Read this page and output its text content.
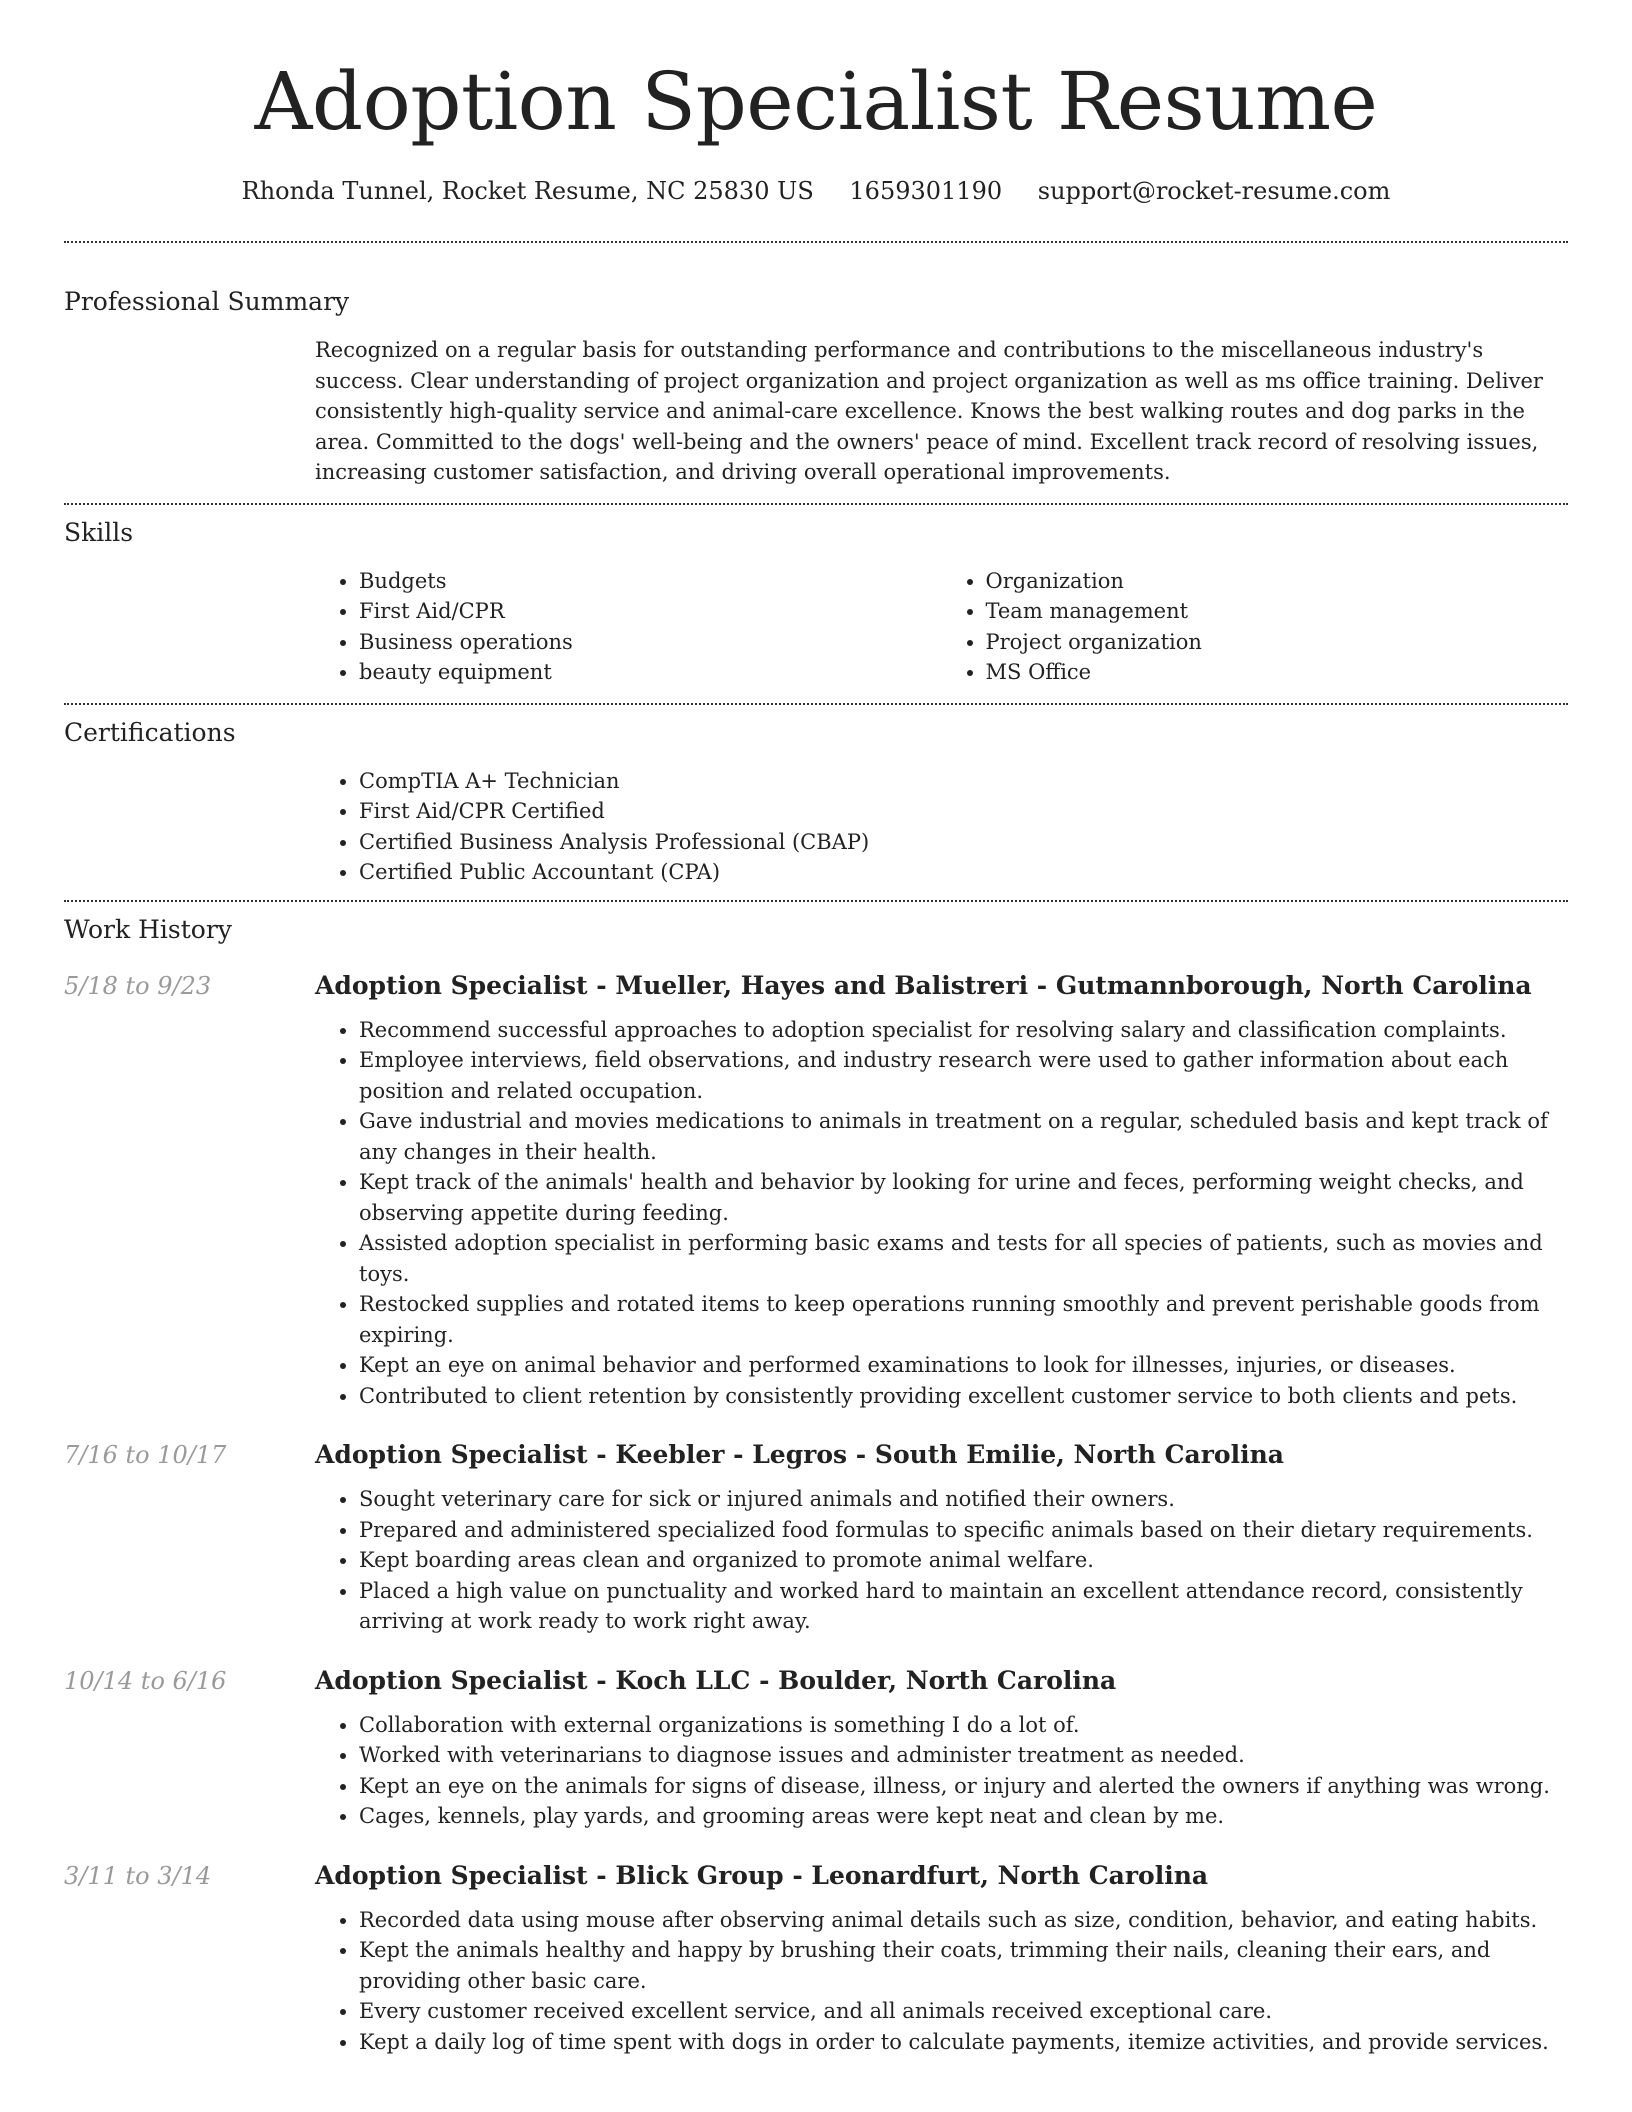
Adoption Specialist Resume
Rhonda Tunnel, Rocket Resume, NC 25830 US 1659301190 support@rocket-resume.com
Professional Summary

Recognized on a regular basis for outstanding performance and contributions to the miscellaneous industry's success. Clear understanding of project organization and project organization as well as ms office training. Deliver consistently high-quality service and animal-care excellence. Knows the best walking routes and dog parks in the area. Committed to the dogs' well-being and the owners' peace of mind. Excellent track record of resolving issues, increasing customer satisfaction, and driving overall operational improvements.

Skills
• Budgets
• First Aid/CPR
• Business operations
• beauty equipment
• Organization
• Team management
• Project organization
• MS Office
Certifications
• CompTIA A+ Technician
• First Aid/CPR Certified
• Certified Business Analysis Professional (CBAP)
• Certified Public Accountant (CPA)
Work History
5/18 to 9/23	Adoption Specialist - Mueller, Hayes and Balistreri - Gutmannborough, North Carolina
• Recommend successful approaches to adoption specialist for resolving salary and classification complaints.
• Employee interviews, field observations, and industry research were used to gather information about each position and related occupation.
• Gave industrial and movies medications to animals in treatment on a regular, scheduled basis and kept track of any changes in their health.
• Kept track of the animals' health and behavior by looking for urine and feces, performing weight checks, and observing appetite during feeding.
• Assisted adoption specialist in performing basic exams and tests for all species of patients, such as movies and toys.
• Restocked supplies and rotated items to keep operations running smoothly and prevent perishable goods from expiring.
• Kept an eye on animal behavior and performed examinations to look for illnesses, injuries, or diseases.
• Contributed to client retention by consistently providing excellent customer service to both clients and pets.
7/16 to 10/17	Adoption Specialist - Keebler - Legros - South Emilie, North Carolina
• Sought veterinary care for sick or injured animals and notified their owners.
• Prepared and administered specialized food formulas to specific animals based on their dietary requirements.
• Kept boarding areas clean and organized to promote animal welfare.
• Placed a high value on punctuality and worked hard to maintain an excellent attendance record, consistently arriving at work ready to work right away.
10/14 to 6/16	Adoption Specialist - Koch LLC - Boulder, North Carolina
• Collaboration with external organizations is something I do a lot of.
• Worked with veterinarians to diagnose issues and administer treatment as needed.
• Kept an eye on the animals for signs of disease, illness, or injury and alerted the owners if anything was wrong.
• Cages, kennels, play yards, and grooming areas were kept neat and clean by me.
3/11 to 3/14	Adoption Specialist - Blick Group - Leonardfurt, North Carolina
• Recorded data using mouse after observing animal details such as size, condition, behavior, and eating habits.
• Kept the animals healthy and happy by brushing their coats, trimming their nails, cleaning their ears, and providing other basic care.
• Every customer received excellent service, and all animals received exceptional care.
• Kept a daily log of time spent with dogs in order to calculate payments, itemize activities, and provide services.
